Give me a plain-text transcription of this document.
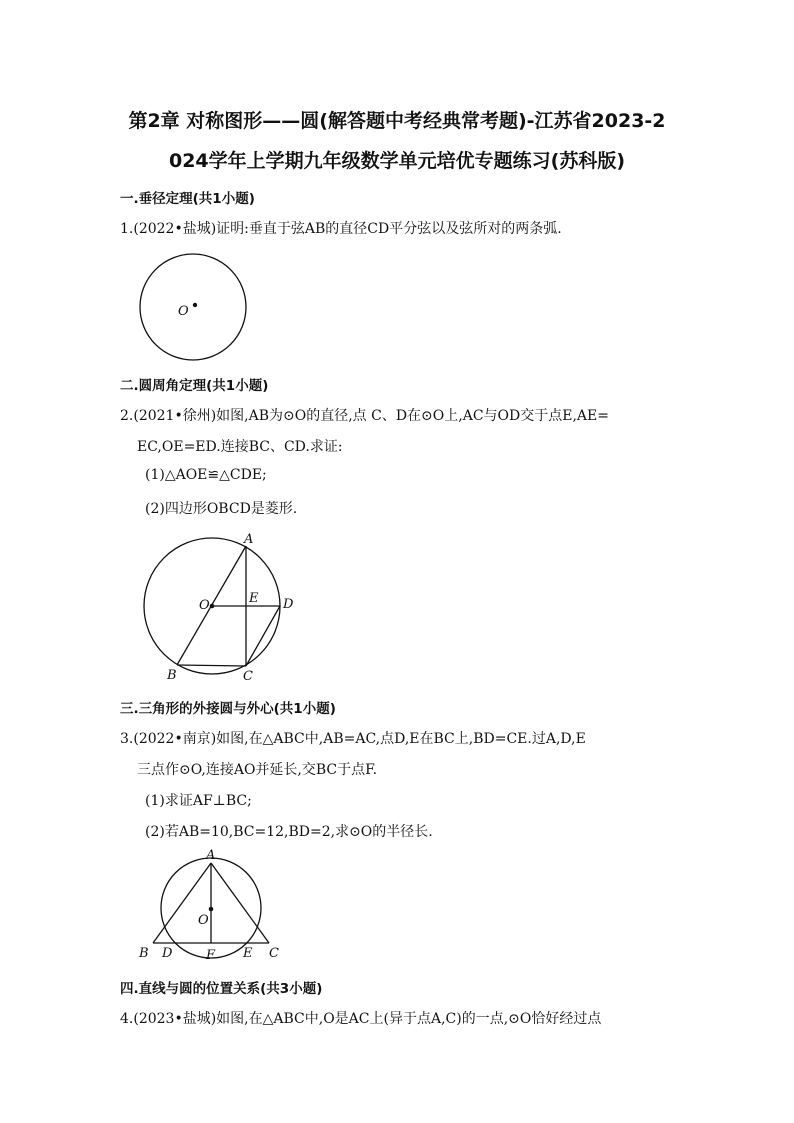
第2章 对称图形——圆(解答题中考经典常考题)-江苏省2023-2
024学年上学期九年级数学单元培优专题练习(苏科版)
一.垂径定理(共1小题)
1.(2022•盐城)证明:垂直于弦AB的直径CD平分弦以及弦所对的两条弧.
O
二.圆周角定理(共1小题)
2.(2021•徐州)如图,AB为⊙O的直径,点 C、D在⊙O上,AC与OD交于点E,AE=
EC,OE=ED.连接BC、CD.求证:
(1)△AOE≌△CDE;
(2)四边形OBCD是菱形.
A
O	E D
B	C
三.三角形的外接圆与外心(共1小题)
3.(2022•南京)如图,在△ABC中,AB=AC,点D,E在BC上,BD=CE.过A,D,E
三点作⊙O,连接AO并延长,交BC于点F.
(1)求证AF⊥BC;
(2)若AB=10,BC=12,BD=2,求⊙O的半径长.
A
O
B D	F E C
四.直线与圆的位置关系(共3小题)
4.(2023•盐城)如图,在△ABC中,O是AC上(异于点A,C)的一点,⊙O恰好经过点
